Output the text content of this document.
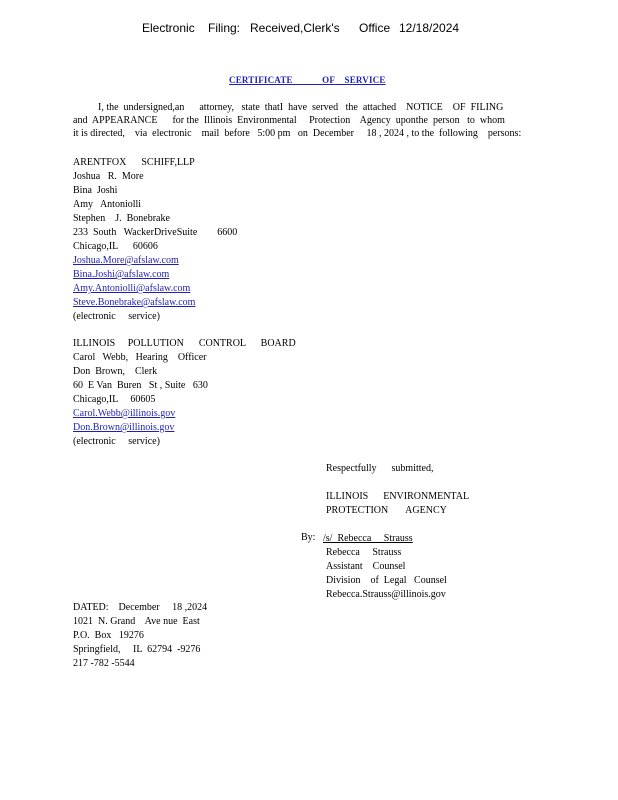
Electronic Filing: Received,Clerk's Office 12/18/2024
CERTIFICATE            OF    SERVICE
I, the  undersigned,an      attorney,   state  thatI  have  served   the  attached    NOTICE    OF  FILING
and  APPEARANCE      for the  Illinois  Environmental     Protection    Agency  uponthe  person   to  whom
it is directed,    via  electronic    mail  before   5:00 pm   on  December     18 , 2024 , to the  following    persons:
ARENTFOX      SCHIFF,LLP
Joshua   R.  More
Bina  Joshi
Amy   Antoniolli
Stephen    J.  Bonebrake
233  South   WackerDriveSuite        6600
Chicago,IL      60606
Joshua.More@afslaw.com
Bina.Joshi@afslaw.com
Amy.Antoniolli@afslaw.com
Steve.Bonebrake@afslaw.com
(electronic     service)
ILLINOIS     POLLUTION      CONTROL      BOARD
Carol   Webb,   Hearing    Officer
Don  Brown,    Clerk
60  E Van  Buren   St , Suite   630
Chicago,IL     60605
Carol.Webb@illinois.gov
Don.Brown@illinois.gov
(electronic     service)
Respectfully      submitted,
ILLINOIS      ENVIRONMENTAL
PROTECTION       AGENCY
By: /s/  Rebecca     Strauss
Rebecca     Strauss
Assistant    Counsel
Division    of  Legal   Counsel
Rebecca.Strauss@illinois.gov
DATED:    December     18 ,2024
1021  N. Grand    Ave nue  East
P.O.  Box   19276
Springfield,     IL  62794  -9276
217 -782 -5544
